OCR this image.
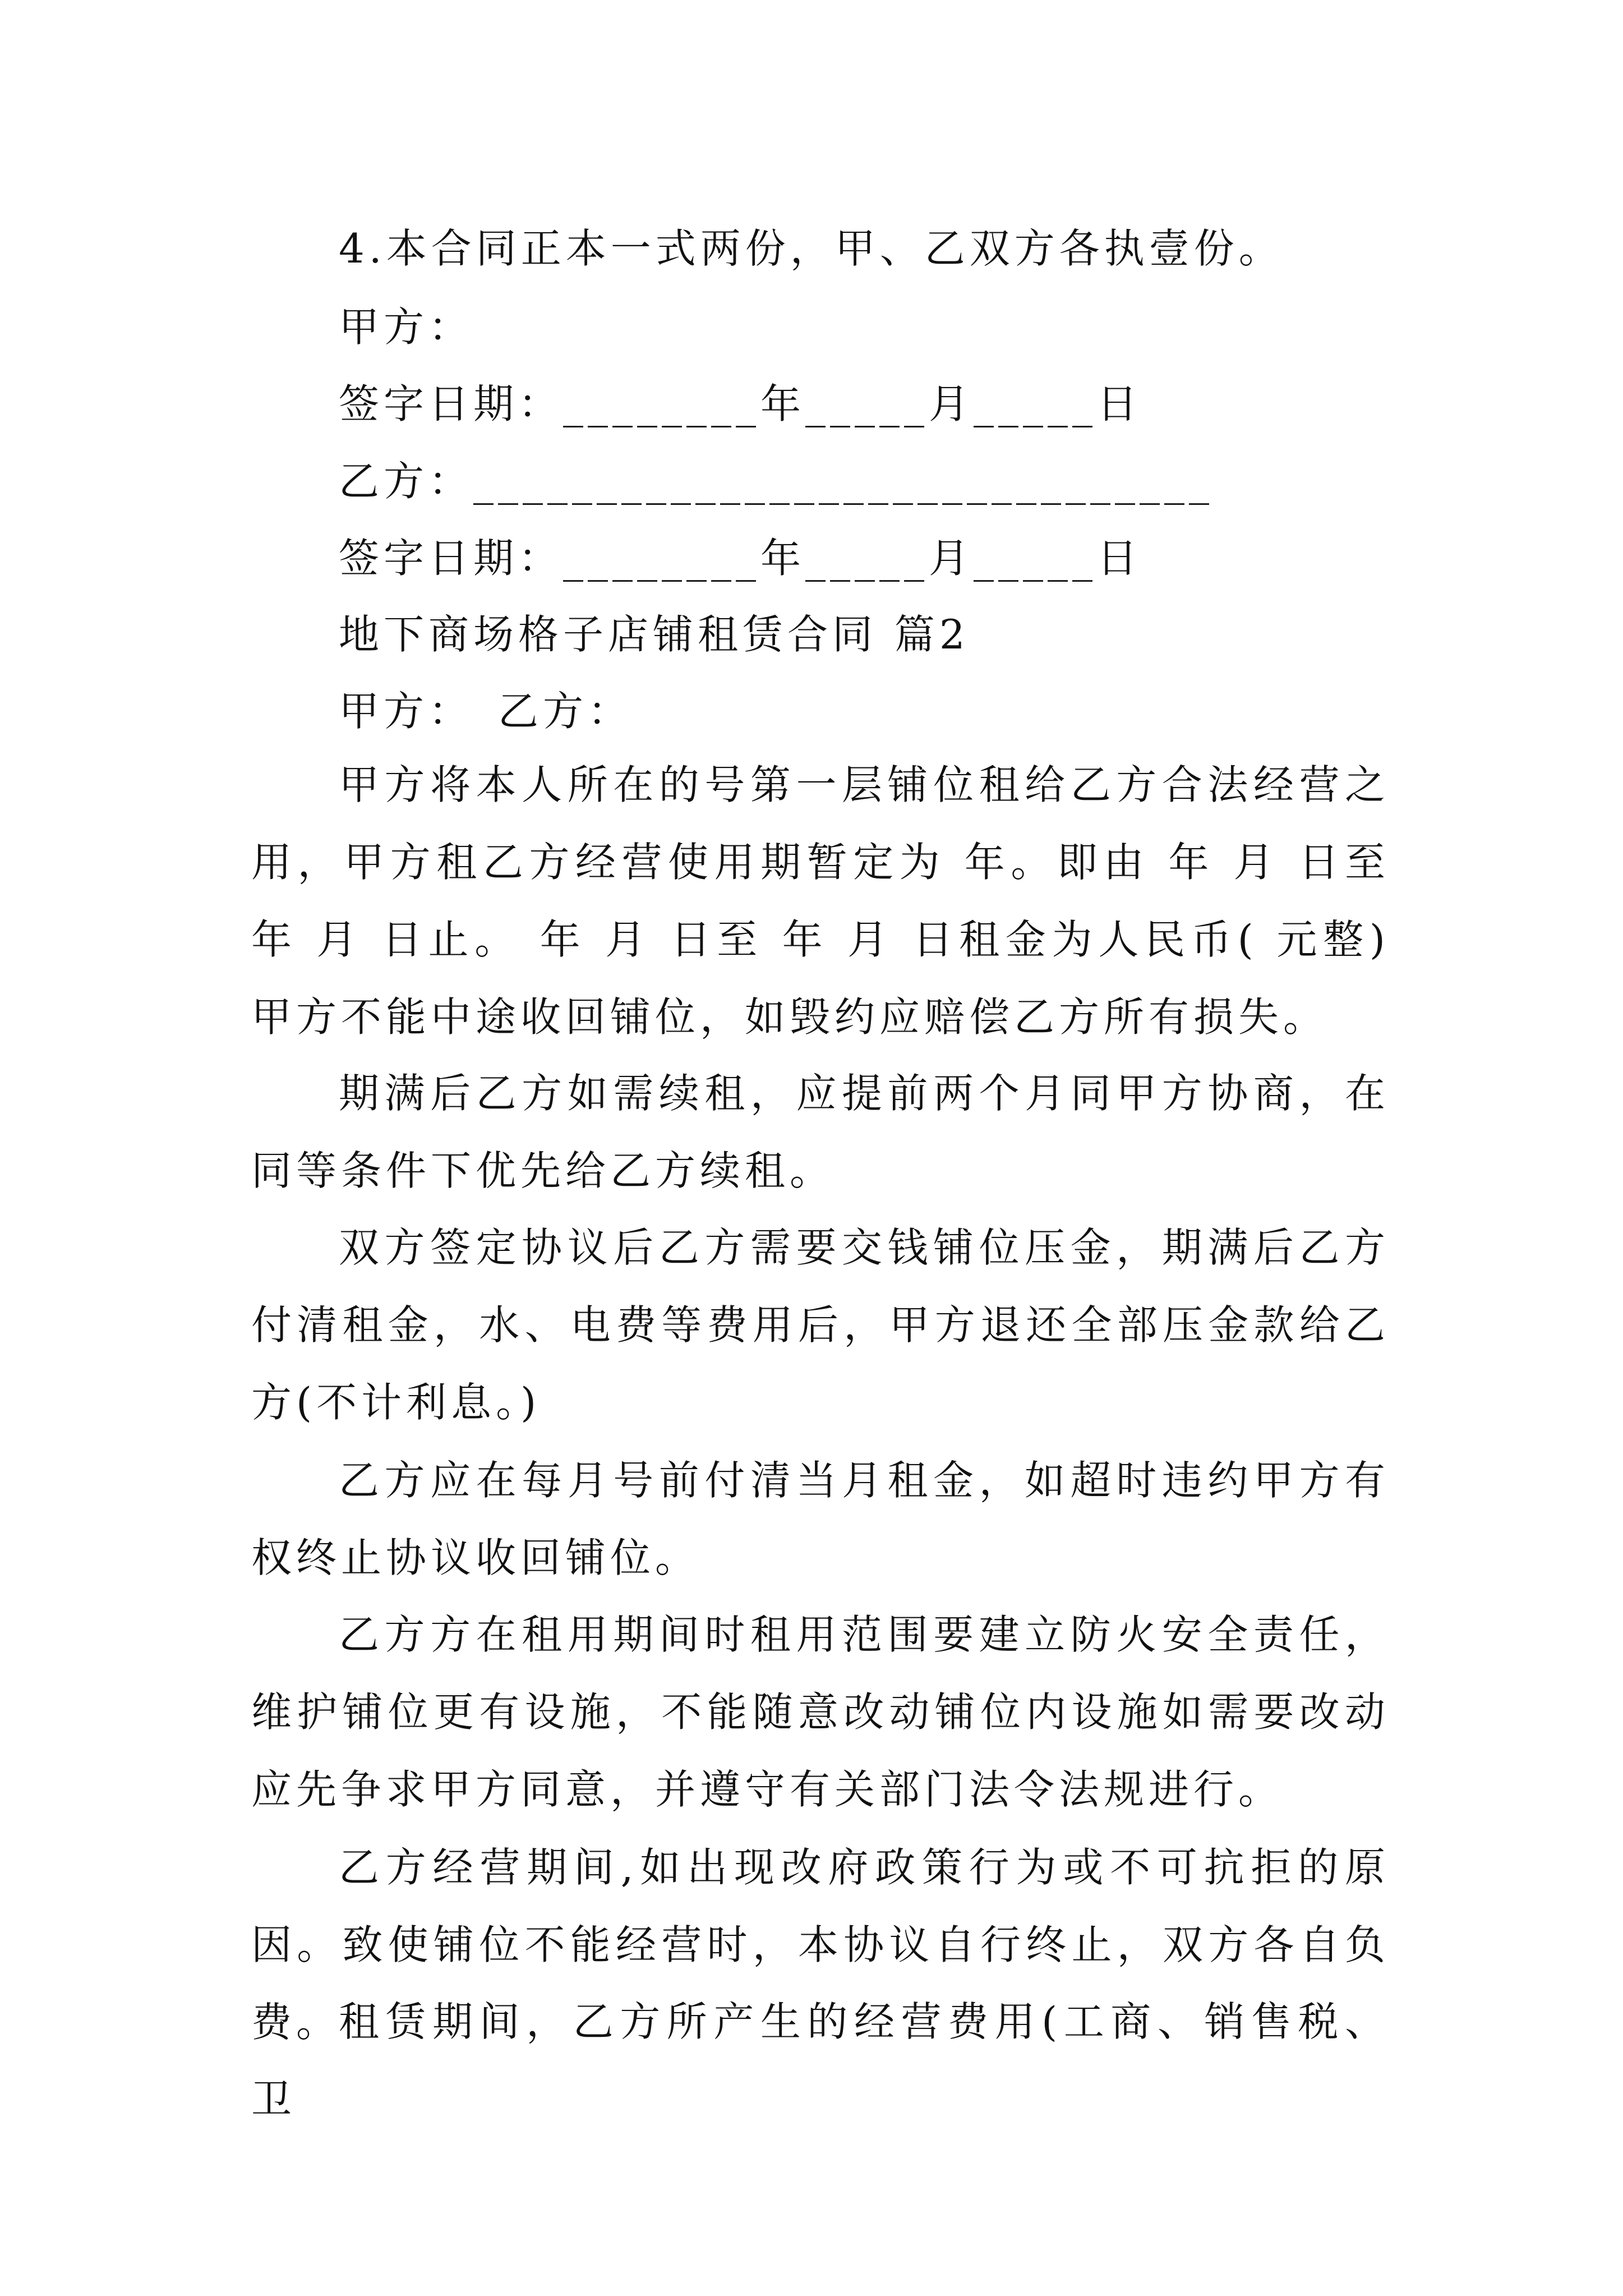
4.本合同正本一式两份，甲、乙双方各执壹份。
甲方：
签字日期：________年_____月_____日
乙方：______________________________
签字日期：________年_____月_____日
地下商场格子店铺租赁合同 篇2
甲方：　乙方：
甲方将本人所在的号第一层铺位租给乙方合法经营之用，甲方租乙方经营使用期暂定为 年。即由 年 月 日至 年 月 日止。 年 月 日至 年 月 日租金为人民币( 元整)甲方不能中途收回铺位，如毁约应赔偿乙方所有损失。
期满后乙方如需续租，应提前两个月同甲方协商，在同等条件下优先给乙方续租。
双方签定协议后乙方需要交钱铺位压金，期满后乙方付清租金，水、电费等费用后，甲方退还全部压金款给乙方(不计利息。)
乙方应在每月号前付清当月租金，如超时违约甲方有权终止协议收回铺位。
乙方方在租用期间时租用范围要建立防火安全责任，维护铺位更有设施，不能随意改动铺位内设施如需要改动应先争求甲方同意，并遵守有关部门法令法规进行。
乙方经营期间,如出现改府政策行为或不可抗拒的原因。致使铺位不能经营时，本协议自行终止，双方各自负费。
租赁期间，乙方所产生的经营费用(工商、销售税、卫
